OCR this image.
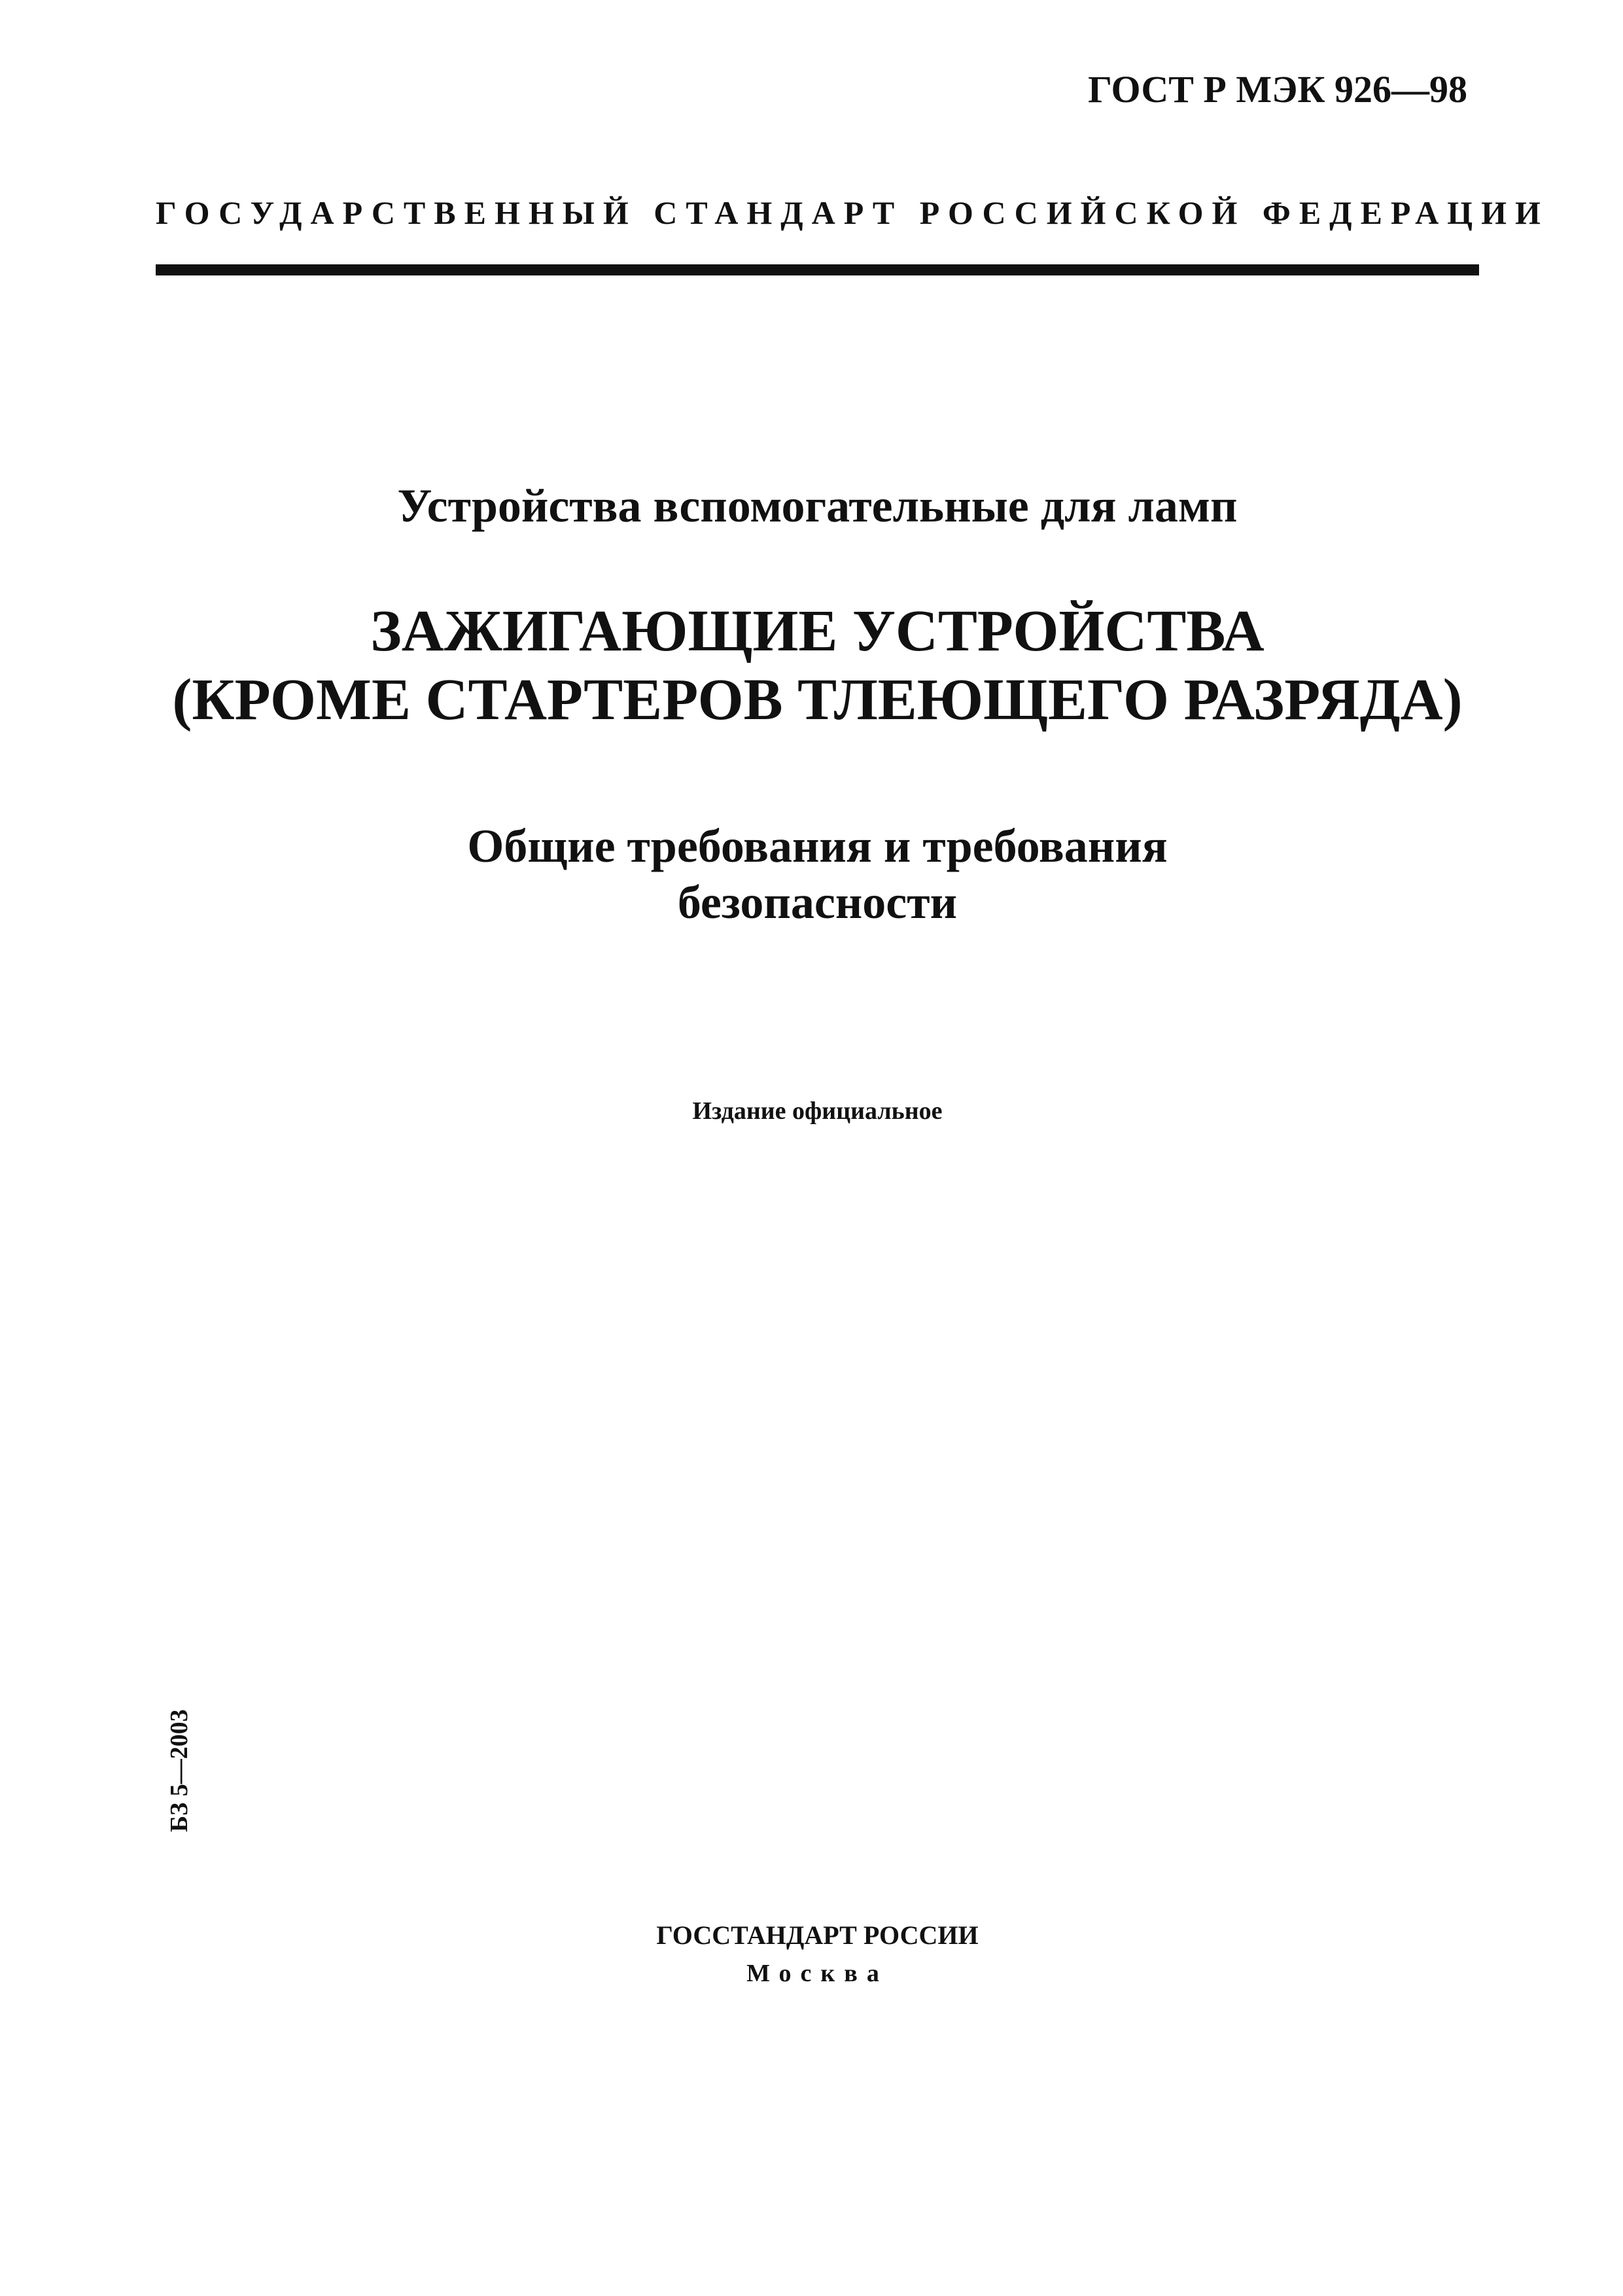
ГОСТ Р МЭК 926—98
ГОСУДАРСТВЕННЫЙ СТАНДАРТ РОССИЙСКОЙ ФЕДЕРАЦИИ
Устройства вспомогательные для ламп
ЗАЖИГАЮЩИЕ УСТРОЙСТВА
(КРОМЕ СТАРТЕРОВ ТЛЕЮЩЕГО РАЗРЯДА)
Общие требования и требования
безопасности
Издание официальное
БЗ 5—2003
ГОССТАНДАРТ РОССИИ
Москва
